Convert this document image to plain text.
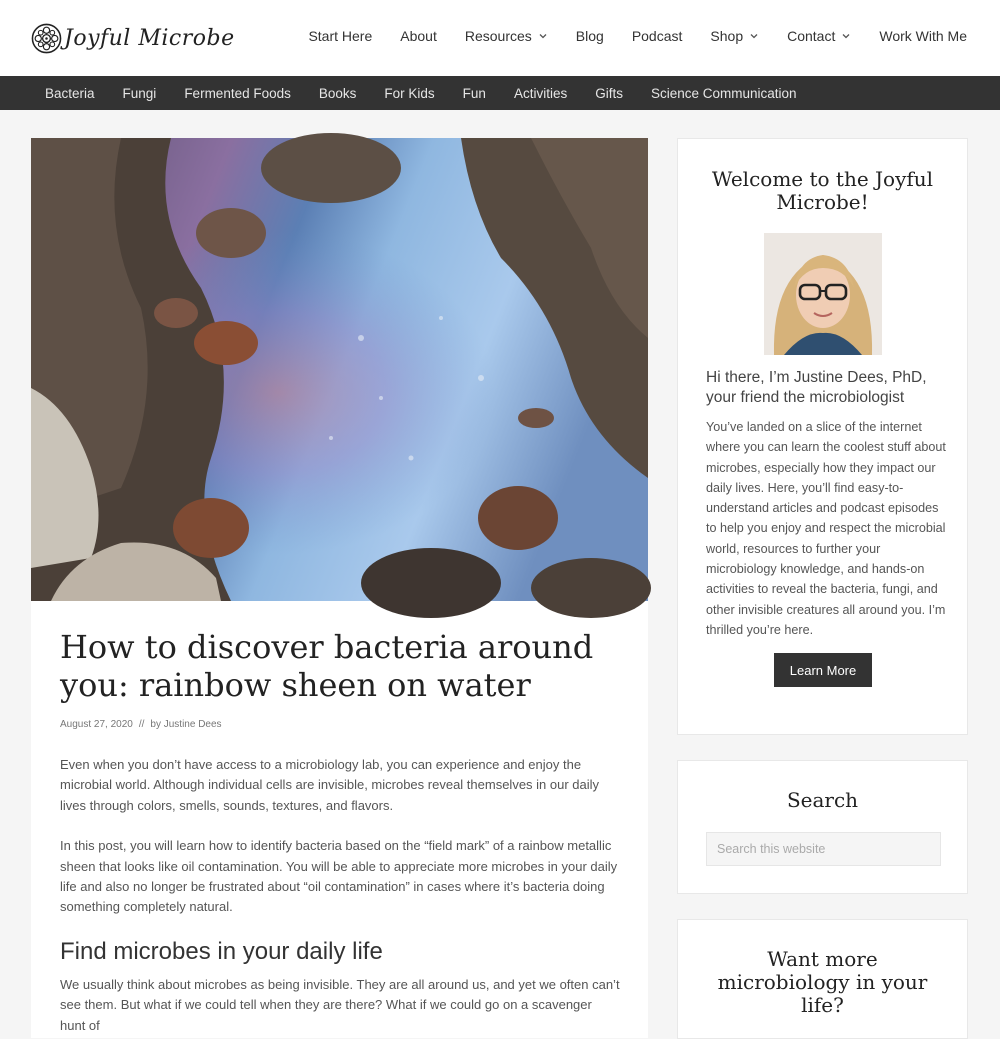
Joyful Microbe	Start Here About Resources	Blog Podcast Shop	Contact	Work With Me
Bacteria Fungi Fermented Foods Books For Kids Fun Activities Gifts Science Communication
How to discover bacteria around you: rainbow sheen on water

August 27, 2020 // by Justine Dees

Even when you don’t have access to a microbiology lab, you can experience and enjoy the microbial world. Although individual cells are invisible, microbes reveal themselves in our daily lives through colors, smells, sounds, textures, and flavors.

In this post, you will learn how to identify bacteria based on the “field mark” of a rainbow metallic sheen that looks like oil contamination. You will be able to appreciate more microbes in your daily life and also no longer be frustrated about “oil contamination” in cases where it’s bacteria doing something completely natural.

Find microbes in your daily life

We usually think about microbes as being invisible. They are all around us, and yet we often can’t see them. But what if we could tell when they are there? What if we could go on a scavenger hunt of

Welcome to the Joyful Microbe!

Hi there, I’m Justine Dees, PhD, your friend the microbiologist

You’ve landed on a slice of the internet where you can learn the coolest stuff about microbes, especially how they impact our daily lives. Here, you’ll find easy-to-understand articles and podcast episodes to help you enjoy and respect the microbial world, resources to further your microbiology knowledge, and hands-on activities to reveal the bacteria, fungi, and other invisible creatures all around you. I’m thrilled you’re here.

Learn More
Search
Search this website
Want more microbiology in your life?
